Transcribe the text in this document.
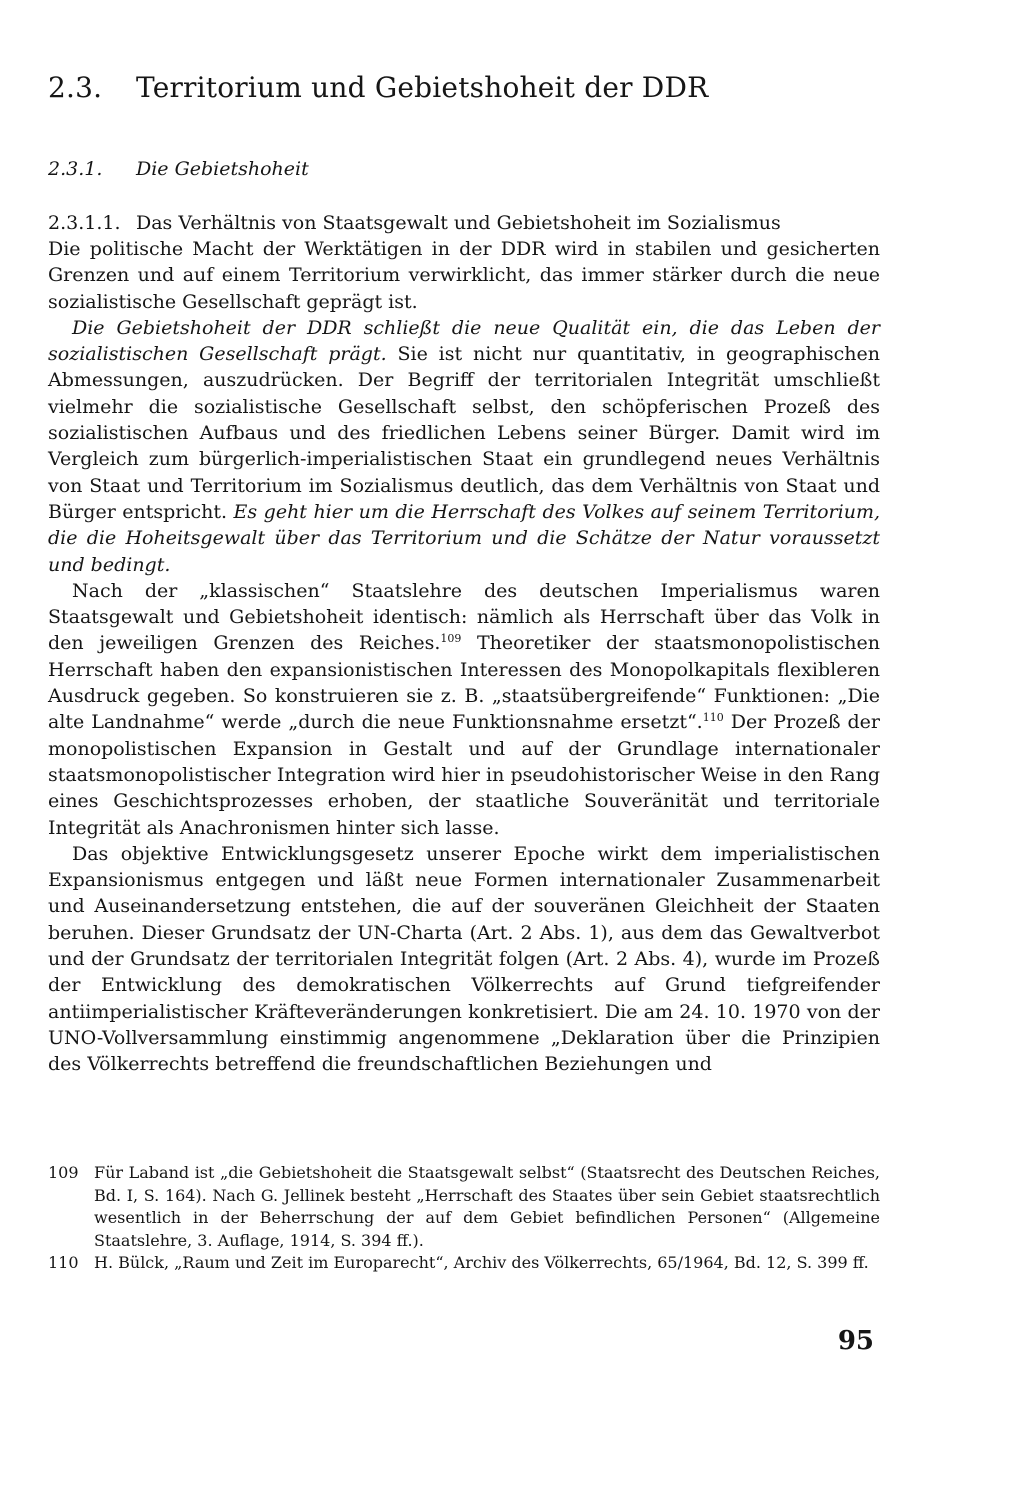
2.3. Territorium und Gebietshoheit der DDR
2.3.1. Die Gebietshoheit
2.3.1.1. Das Verhältnis von Staatsgewalt und Gebietshoheit im Sozialismus

Die politische Macht der Werktätigen in der DDR wird in stabilen und gesicherten Grenzen und auf einem Territorium verwirklicht, das immer stärker durch die neue sozialistische Gesellschaft geprägt ist.

Die Gebietshoheit der DDR schließt die neue Qualität ein, die das Leben der sozialistischen Gesellschaft prägt. Sie ist nicht nur quantitativ, in geographischen Abmessungen, auszudrücken. Der Begriff der territorialen Integrität umschließt vielmehr die sozialistische Gesellschaft selbst, den schöpferischen Prozeß des sozialistischen Aufbaus und des friedlichen Lebens seiner Bürger. Damit wird im Vergleich zum bürgerlich-imperialistischen Staat ein grundlegend neues Verhältnis von Staat und Territorium im Sozialismus deutlich, das dem Verhältnis von Staat und Bürger entspricht. Es geht hier um die Herrschaft des Volkes auf seinem Territorium, die die Hoheitsgewalt über das Territorium und die Schätze der Natur voraussetzt und bedingt.

Nach der „klassischen“ Staatslehre des deutschen Imperialismus waren Staatsgewalt und Gebietshoheit identisch: nämlich als Herrschaft über das Volk in den jeweiligen Grenzen des Reiches.$^{109}$ Theoretiker der staatsmonopolistischen Herrschaft haben den expansionistischen Interessen des Monopolkapitals flexibleren Ausdruck gegeben. So konstruieren sie z. B. „staatsübergreifende“ Funktionen: „Die alte Landnahme“ werde „durch die neue Funktionsnahme ersetzt“.$^{110}$ Der Prozeß der monopolistischen Expansion in Gestalt und auf der Grundlage internationaler staatsmonopolistischer Integration wird hier in pseudohistorischer Weise in den Rang eines Geschichtsprozesses erhoben, der staatliche Souveränität und territoriale Integrität als Anachronismen hinter sich lasse.

Das objektive Entwicklungsgesetz unserer Epoche wirkt dem imperialistischen Expansionismus entgegen und läßt neue Formen internationaler Zusammenarbeit und Auseinandersetzung entstehen, die auf der souveränen Gleichheit der Staaten beruhen. Dieser Grundsatz der UN-Charta (Art. 2 Abs. 1), aus dem das Gewaltverbot und der Grundsatz der territorialen Integrität folgen (Art. 2 Abs. 4), wurde im Prozeß der Entwicklung des demokratischen Völkerrechts auf Grund tiefgreifender antiimperialistischer Kräfteveränderungen konkretisiert. Die am 24. 10. 1970 von der UNO-Vollversammlung einstimmig angenommene „Deklaration über die Prinzipien des Völkerrechts betreffend die freundschaftlichen Beziehungen und

109 Für Laband ist „die Gebietshoheit die Staatsgewalt selbst“ (Staatsrecht des Deutschen Reiches, Bd. I, S. 164). Nach G. Jellinek besteht „Herrschaft des Staates über sein Gebiet staatsrechtlich wesentlich in der Beherrschung der auf dem Gebiet befindlichen Personen“ (Allgemeine Staatslehre, 3. Auflage, 1914, S. 394 ff.).

110 H. Bülck, „Raum und Zeit im Europarecht“, Archiv des Völkerrechts, 65/1964, Bd. 12, S. 399 ff.

95
